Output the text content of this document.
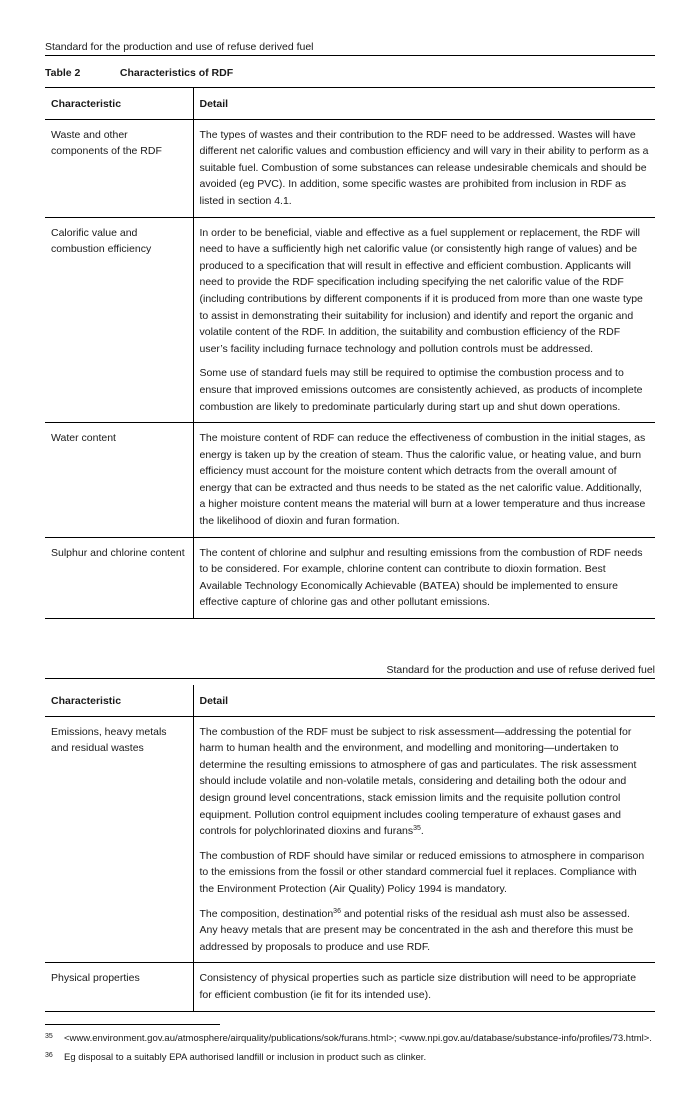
Standard for the production and use of refuse derived fuel
Table 2	Characteristics of RDF
Characteristic	Detail
Waste and other components of the RDF	The types of wastes and their contribution to the RDF need to be addressed. Wastes will have different net calorific values and combustion efficiency and will vary in their ability to perform as a suitable fuel. Combustion of some substances can release undesirable chemicals and should be avoided (eg PVC). In addition, some specific wastes are prohibited from inclusion in RDF as listed in section 4.1.

Calorific value and combustion efficiency	In order to be beneficial, viable and effective as a fuel supplement or replacement, the RDF will need to have a sufficiently high net calorific value (or consistently high range of values) and be produced to a specification that will result in effective and efficient combustion. Applicants will need to provide the RDF specification including specifying the net calorific value of the RDF (including contributions by different components if it is produced from more than one waste type to assist in demonstrating their suitability for inclusion) and identify and report the organic and volatile content of the RDF. In addition, the suitability and combustion efficiency of the RDF user’s facility including furnace technology and pollution controls must be addressed.

Some use of standard fuels may still be required to optimise the combustion process and to ensure that improved emissions outcomes are consistently achieved, as products of incomplete combustion are likely to predominate particularly during start up and shut down operations.

Water content	The moisture content of RDF can reduce the effectiveness of combustion in the initial stages, as energy is taken up by the creation of steam. Thus the calorific value, or heating value, and burn efficiency must account for the moisture content which detracts from the overall amount of energy that can be extracted and thus needs to be stated as the net calorific value. Additionally, a higher moisture content means the material will burn at a lower temperature and thus increase the likelihood of dioxin and furan formation.

Sulphur and chlorine content	The content of chlorine and sulphur and resulting emissions from the combustion of RDF needs to be considered. For example, chlorine content can contribute to dioxin formation. Best Available Technology Economically Achievable (BATEA) should be implemented to ensure effective capture of chlorine gas and other pollutant emissions.

Standard for the production and use of refuse derived fuel
Characteristic	Detail
Emissions, heavy metals and residual wastes	The combustion of the RDF must be subject to risk assessment—addressing the potential for harm to human health and the environment, and modelling and monitoring—undertaken to determine the resulting emissions to atmosphere of gas and particulates. The risk assessment should include volatile and non-volatile metals, considering and detailing both the odour and design ground level concentrations, stack emission limits and the requisite pollution control equipment. Pollution control equipment includes cooling temperature of exhaust gases and controls for polychlorinated dioxins and furans$^{35}$.

The combustion of RDF should have similar or reduced emissions to atmosphere in comparison to the emissions from the fossil or other standard commercial fuel it replaces. Compliance with the Environment Protection (Air Quality) Policy 1994 is mandatory.

The composition, destination$^{36}$ and potential risks of the residual ash must also be assessed. Any heavy metals that are present may be concentrated in the ash and therefore this must be addressed by proposals to produce and use RDF.

Physical properties	Consistency of physical properties such as particle size distribution will need to be appropriate for efficient combustion (ie fit for its intended use).

35	<www.environment.gov.au/atmosphere/airquality/publications/sok/furans.html>; <www.npi.gov.au/database/substance-info/profiles/73.html>.
36	Eg disposal to a suitably EPA authorised landfill or inclusion in product such as clinker.
